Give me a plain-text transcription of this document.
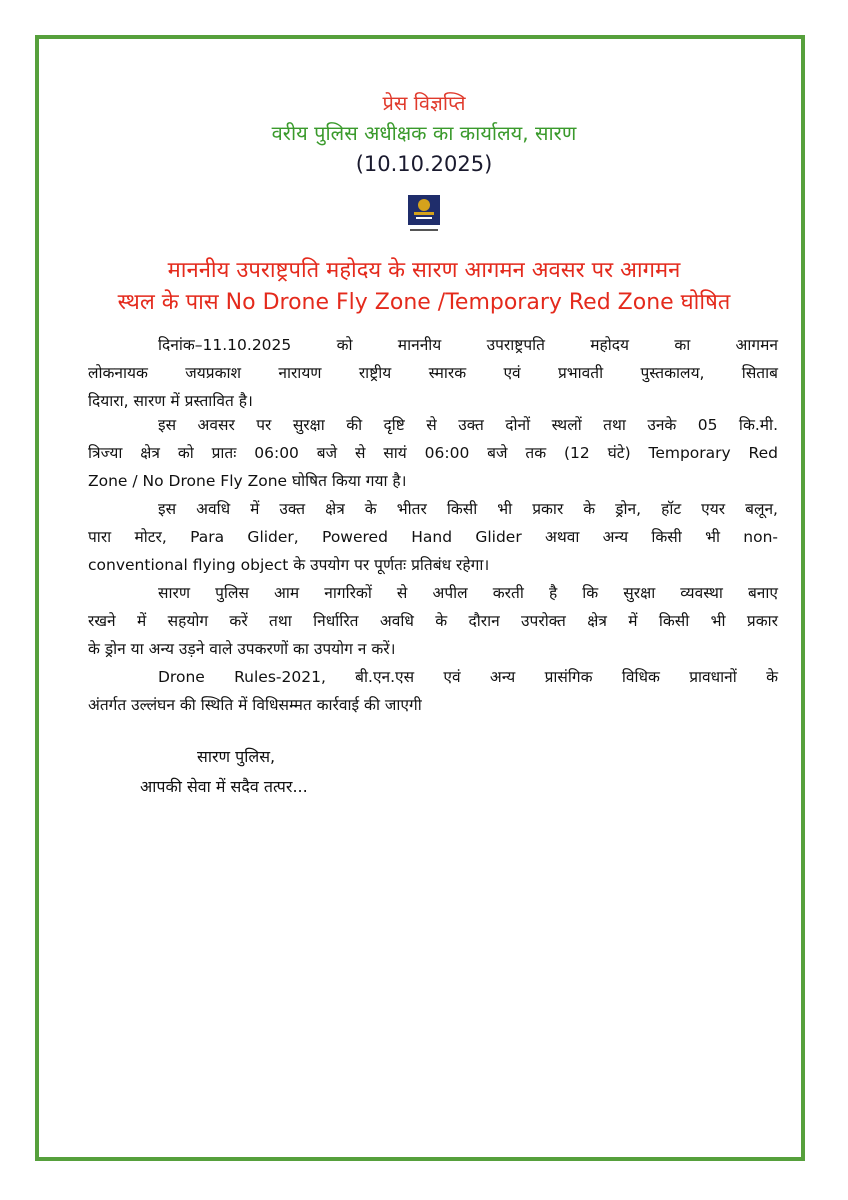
प्रेस विज्ञप्ति
वरीय पुलिस अधीक्षक का कार्यालय, सारण
(10.10.2025)
माननीय उपराष्ट्रपति महोदय के सारण आगमन अवसर पर आगमन
स्थल के पास No Drone Fly Zone /Temporary Red Zone घोषित
दिनांक–11.10.2025 को माननीय उपराष्ट्रपति महोदय का आगमन
लोकनायक जयप्रकाश नारायण राष्ट्रीय स्मारक एवं प्रभावती पुस्तकालय, सिताब
दियारा, सारण में प्रस्तावित है।
इस अवसर पर सुरक्षा की दृष्टि से उक्त दोनों स्थलों तथा उनके 05 कि.मी.
त्रिज्या क्षेत्र को प्रातः 06:00 बजे से सायं 06:00 बजे तक (12 घंटे) Temporary Red
Zone / No Drone Fly Zone घोषित किया गया है।
इस अवधि में उक्त क्षेत्र के भीतर किसी भी प्रकार के ड्रोन, हॉट एयर बलून,
पारा मोटर, Para Glider, Powered Hand Glider अथवा अन्य किसी भी non-
conventional flying object के उपयोग पर पूर्णतः प्रतिबंध रहेगा।
सारण पुलिस आम नागरिकों से अपील करती है कि सुरक्षा व्यवस्था बनाए
रखने में सहयोग करें तथा निर्धारित अवधि के दौरान उपरोक्त क्षेत्र में किसी भी प्रकार
के ड्रोन या अन्य उड़ने वाले उपकरणों का उपयोग न करें।
Drone Rules-2021, बी.एन.एस एवं अन्य प्रासंगिक विधिक प्रावधानों के
अंतर्गत उल्लंघन की स्थिति में विधिसम्मत कार्रवाई की जाएगी
सारण पुलिस,
आपकी सेवा में सदैव तत्पर...
